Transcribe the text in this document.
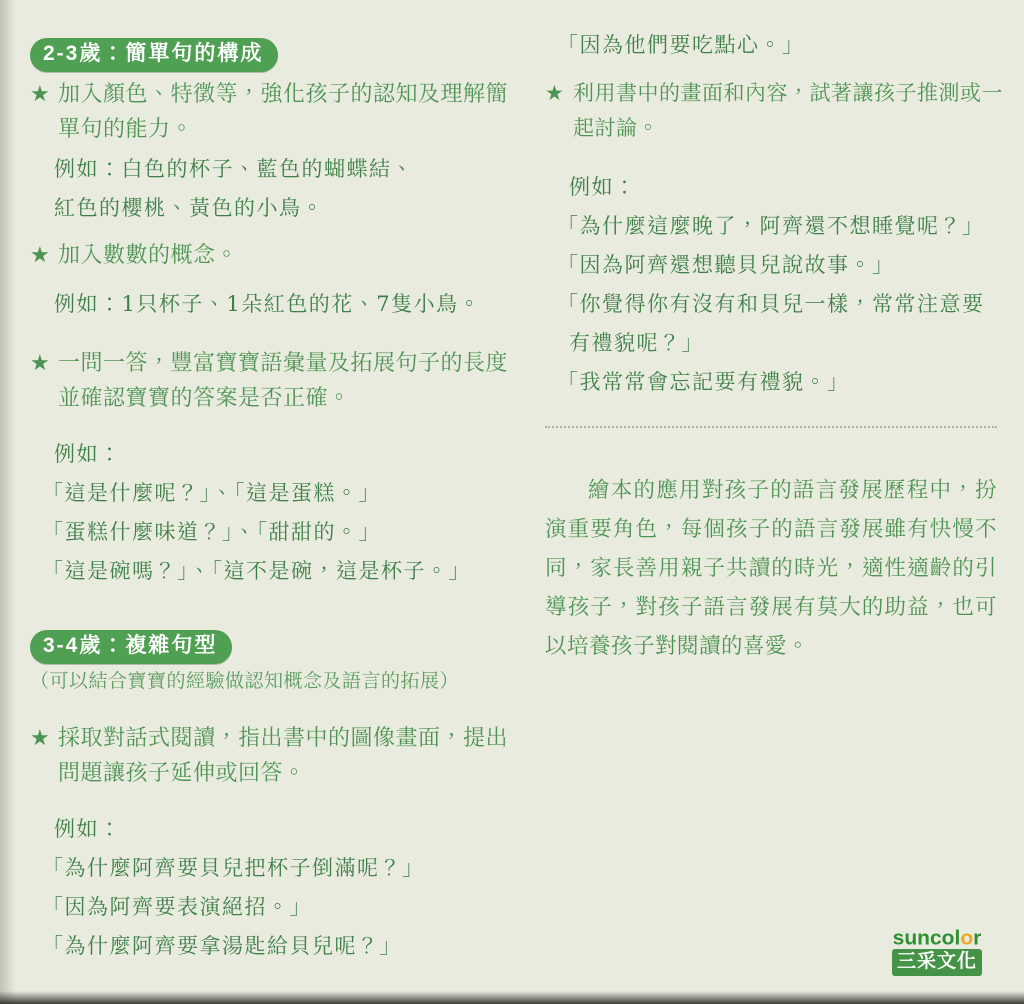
2-3歲：簡單句的構成
★ 加入顏色、特徵等，強化孩子的認知及理解簡
單句的能力。
例如：白色的杯子、藍色的蝴蝶結、
紅色的櫻桃、黃色的小鳥。
★ 加入數數的概念。
例如：1只杯子、1朵紅色的花、7隻小鳥。
★ 一問一答，豐富寶寶語彙量及拓展句子的長度
並確認寶寶的答案是否正確。
例如：
「這是什麼呢？」、「這是蛋糕。」
「蛋糕什麼味道？」、「甜甜的。」
「這是碗嗎？」、「這不是碗，這是杯子。」
3-4歲：複雜句型
（可以結合寶寶的經驗做認知概念及語言的拓展）
★ 採取對話式閱讀，指出書中的圖像畫面，提出
問題讓孩子延伸或回答。
例如：
「為什麼阿齊要貝兒把杯子倒滿呢？」
「因為阿齊要表演絕招。」
「為什麼阿齊要拿湯匙給貝兒呢？」
「因為他們要吃點心。」
★ 利用書中的畫面和內容，試著讓孩子推測或一
起討論。
例如：
「為什麼這麼晚了，阿齊還不想睡覺呢？」
「因為阿齊還想聽貝兒說故事。」
「你覺得你有沒有和貝兒一樣，常常注意要
有禮貌呢？」
「我常常會忘記要有禮貌。」
繪本的應用對孩子的語言發展歷程中，扮演重要角色，每個孩子的語言發展雖有快慢不同，家長善用親子共讀的時光，適性適齡的引導孩子，對孩子語言發展有莫大的助益，也可以培養孩子對閱讀的喜愛。
suncolor
三采文化
